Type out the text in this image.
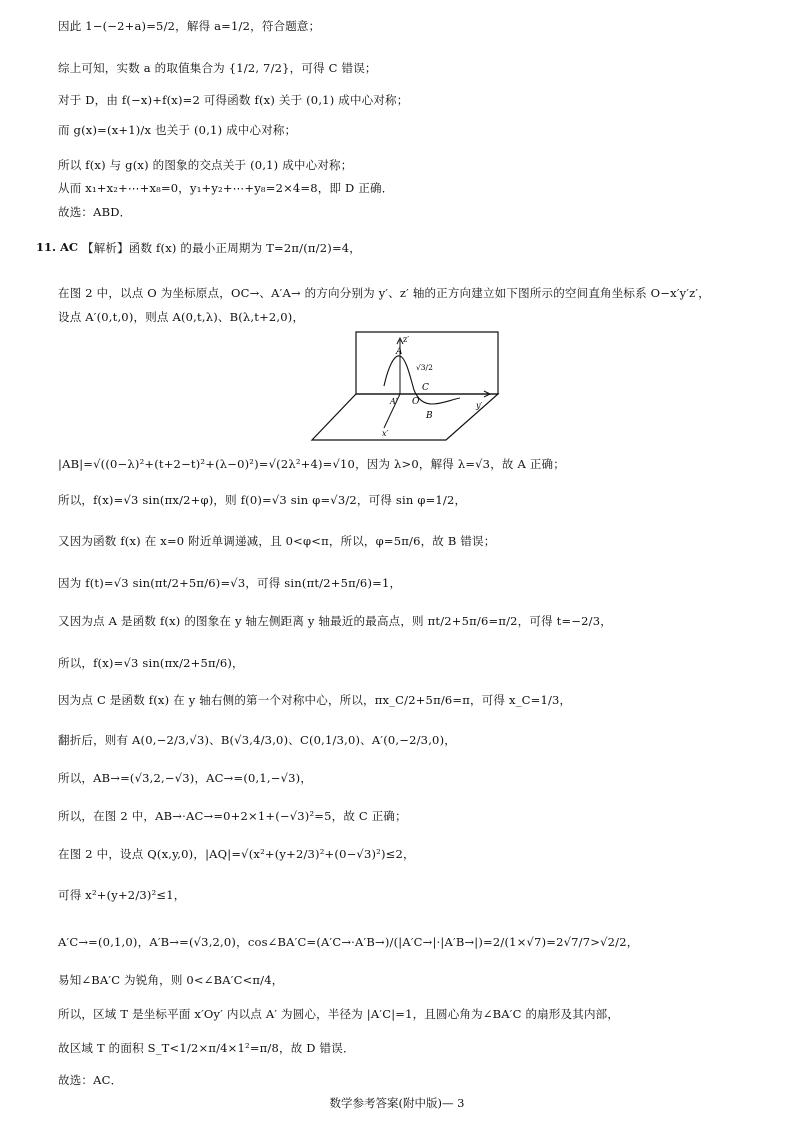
因此 1−(−2+a)=5/2，解得 a=1/2，符合题意；
综上可知，实数 a 的取值集合为 {1/2, 7/2}，可得 C 错误；
对于 D，由 f(−x)+f(x)=2 可得函数 f(x) 关于 (0,1) 成中心对称；
而 g(x)=(x+1)/x 也关于 (0,1) 成中心对称；
所以 f(x) 与 g(x) 的图象的交点关于 (0,1) 成中心对称；
从而 x₁+x₂+⋯+x₈=0，y₁+y₂+⋯+y₈=2×4=8，即 D 正确．
故选：ABD．
11. AC 【解析】函数 f(x) 的最小正周期为 T=2π/(π/2)=4，
在图 2 中，以点 O 为坐标原点，OC→、A′A→ 的方向分别为 y′、z′ 轴的正方向建立如下图所示的空间直角坐标系 O−x′y′z′，
设点 A′(0,t,0)，则点 A(0,t,λ)、B(λ,t+2,0)，
z′
A
√3/2
C
A′ O
B
y′
x′
|AB|=√((0−λ)²+(t+2−t)²+(λ−0)²)=√(2λ²+4)=√10，因为 λ>0，解得 λ=√3，故 A 正确；
所以，f(x)=√3 sin(πx/2+φ)，则 f(0)=√3 sin φ=√3/2，可得 sin φ=1/2，
又因为函数 f(x) 在 x=0 附近单调递减，且 0<φ<π，所以，φ=5π/6，故 B 错误；
因为 f(t)=√3 sin(πt/2+5π/6)=√3，可得 sin(πt/2+5π/6)=1，
又因为点 A 是函数 f(x) 的图象在 y 轴左侧距离 y 轴最近的最高点，则 πt/2+5π/6=π/2，可得 t=−2/3，
所以，f(x)=√3 sin(πx/2+5π/6)，
因为点 C 是函数 f(x) 在 y 轴右侧的第一个对称中心，所以，πx_C/2+5π/6=π，可得 x_C=1/3，
翻折后，则有 A(0,−2/3,√3)、B(√3,4/3,0)、C(0,1/3,0)、A′(0,−2/3,0)，
所以，AB→=(√3,2,−√3)，AC→=(0,1,−√3)，
所以，在图 2 中，AB→·AC→=0+2×1+(−√3)²=5，故 C 正确；
在图 2 中，设点 Q(x,y,0)，|AQ|=√(x²+(y+2/3)²+(0−√3)²)≤2，
可得 x²+(y+2/3)²≤1，
A′C→=(0,1,0)，A′B→=(√3,2,0)，cos∠BA′C=(A′C→·A′B→)/(|A′C→|·|A′B→|)=2/(1×√7)=2√7/7>√2/2，
易知∠BA′C 为锐角，则 0<∠BA′C<π/4，
所以，区域 T 是坐标平面 x′Oy′ 内以点 A′ 为圆心，半径为 |A′C|=1，且圆心角为∠BA′C 的扇形及其内部，
故区域 T 的面积 S_T<1/2×π/4×1²=π/8，故 D 错误．
故选：AC．
数学参考答案(附中版)— 3
